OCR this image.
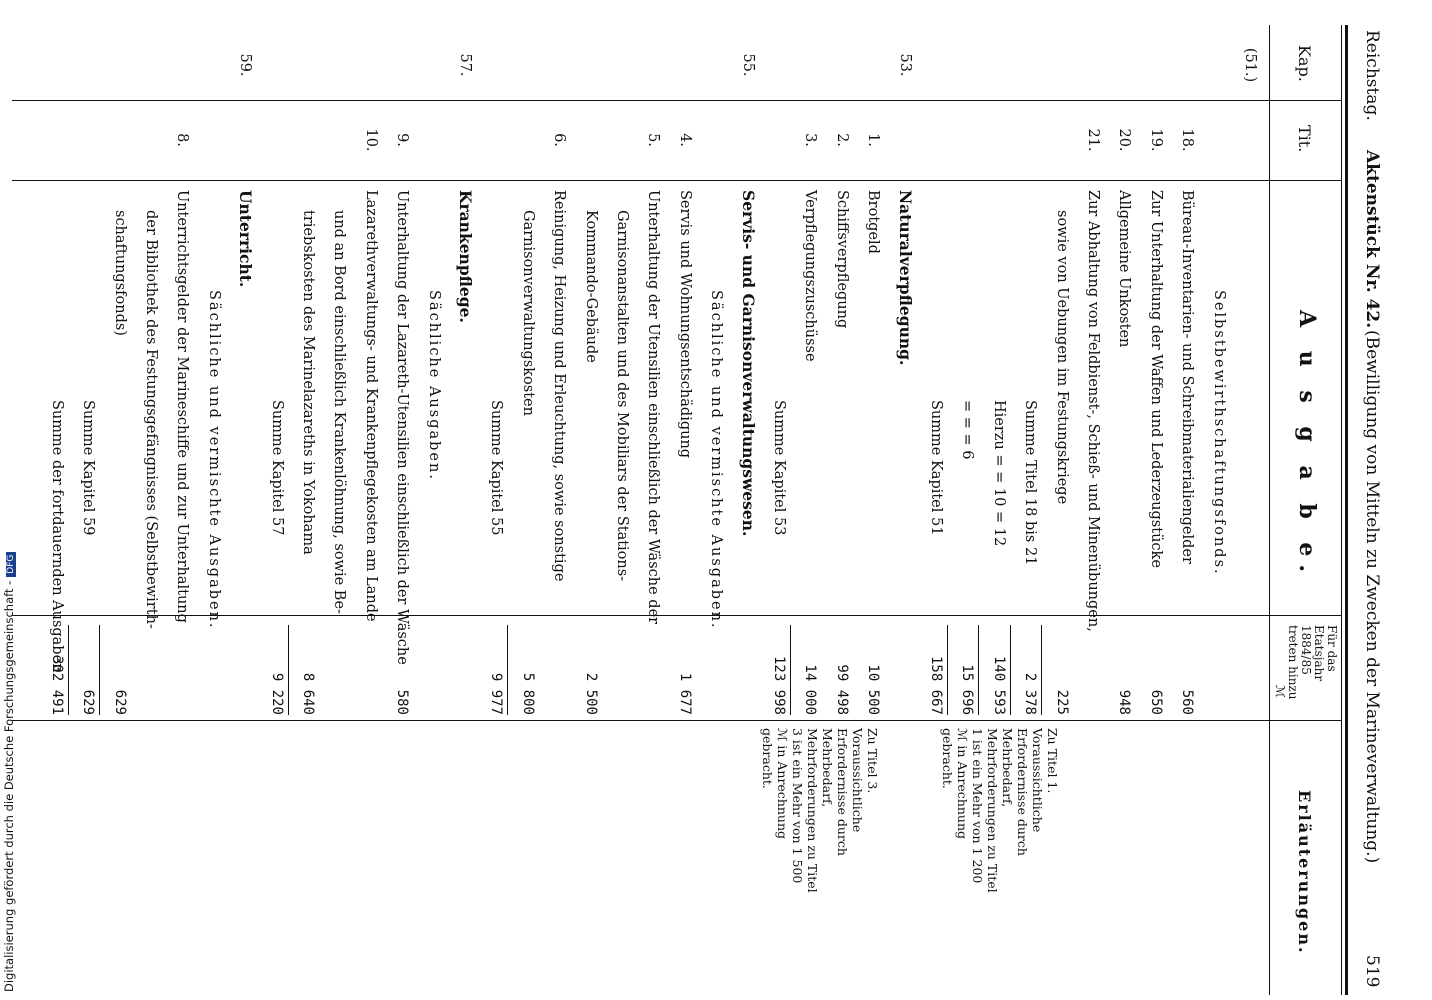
Reichstag.
Aktenstück Nr. 42.
(Bewilligung von Mitteln zu Zwecken der Marineverwaltung.)
519
Kap.
Tit.
A u s g a b e.
Für das
Etatsjahr
1884/85
treten hinzu
ℳ
Erläuterungen.
(51.)
Selbstbewirthschaftungsfonds.
18.
Büreau-Inventarien- und Schreibmaterialiengelder
560
19.
Zur Unterhaltung der Waffen und Lederzeugstücke
650
20.
Allgemeine Unkosten
948
21.
Zur Abhaltung von Feldbienst-, Schieß- und Minenübungen,
sowie von Uebungen im Festungskriege
225
Summe Titel 18 bis 21
2 378
Hierzu = = 10 = 12
140 593
= = = 6
15 696
Summe Kapitel 51
158 667
53.
Naturalverpflegung.
1.
Brotgeld
10 500
2.
Schiffsverpflegung
99 498
3.
Verpflegungszuschüsse
14 000
Summe Kapitel 53
123 998
55.
Servis- und Garnisonverwaltungswesen.
Sächliche und vermischte Ausgaben.
4.
Servis und Wohnungsentschädigung
1 677
5.
Unterhaltung der Utensilien einschließlich der Wäsche der
Garnisonanstalten und des Mobiliars der Stations-
Kommando-Gebäude
2 500
6.
Reinigung, Heizung und Erleuchtung, sowie sonstige
Garnisonverwaltungskosten
5 800
Summe Kapitel 55
9 977
57.
Krankenpflege.
Sächliche Ausgaben.
9.
Unterhaltung der Lazareth-Utensilien einschließlich der Wäsche
580
10.
Lazarethverwaltungs- und Krankenpflegekosten am Lande
und an Bord einschließlich Krankenlöhnung, sowie Be-
triebskosten des Marinelazareths in Yokohama
8 640
Summe Kapitel 57
9 220
59.
Unterricht.
Sächliche und vermischte Ausgaben.
8.
Unterrichtsgelder der Marineschiffe und zur Unterhaltung
der Bibliothek des Festungsgefängnisses (Selbstbewirth-
schaftungsfonds)
629
Summe Kapitel 59
629
Summe der fortdauernden Ausgaben
302 491
Zu Titel 1. Voraussichtliche Erfordernisse durch Mehrbedarf, Mehrforderungen zu Titel 1 ist ein Mehr von 1 200 ℳ in Anrechnung gebracht.
Zu Titel 3. Voraussichtliche Erfordernisse durch Mehrbedarf, Mehrforderungen zu Titel 3 ist ein Mehr von 1 500 ℳ in Anrechnung gebracht.
Digitalisierung gefördert durch die Deutsche Forschungsgemeinschaft -DFG
